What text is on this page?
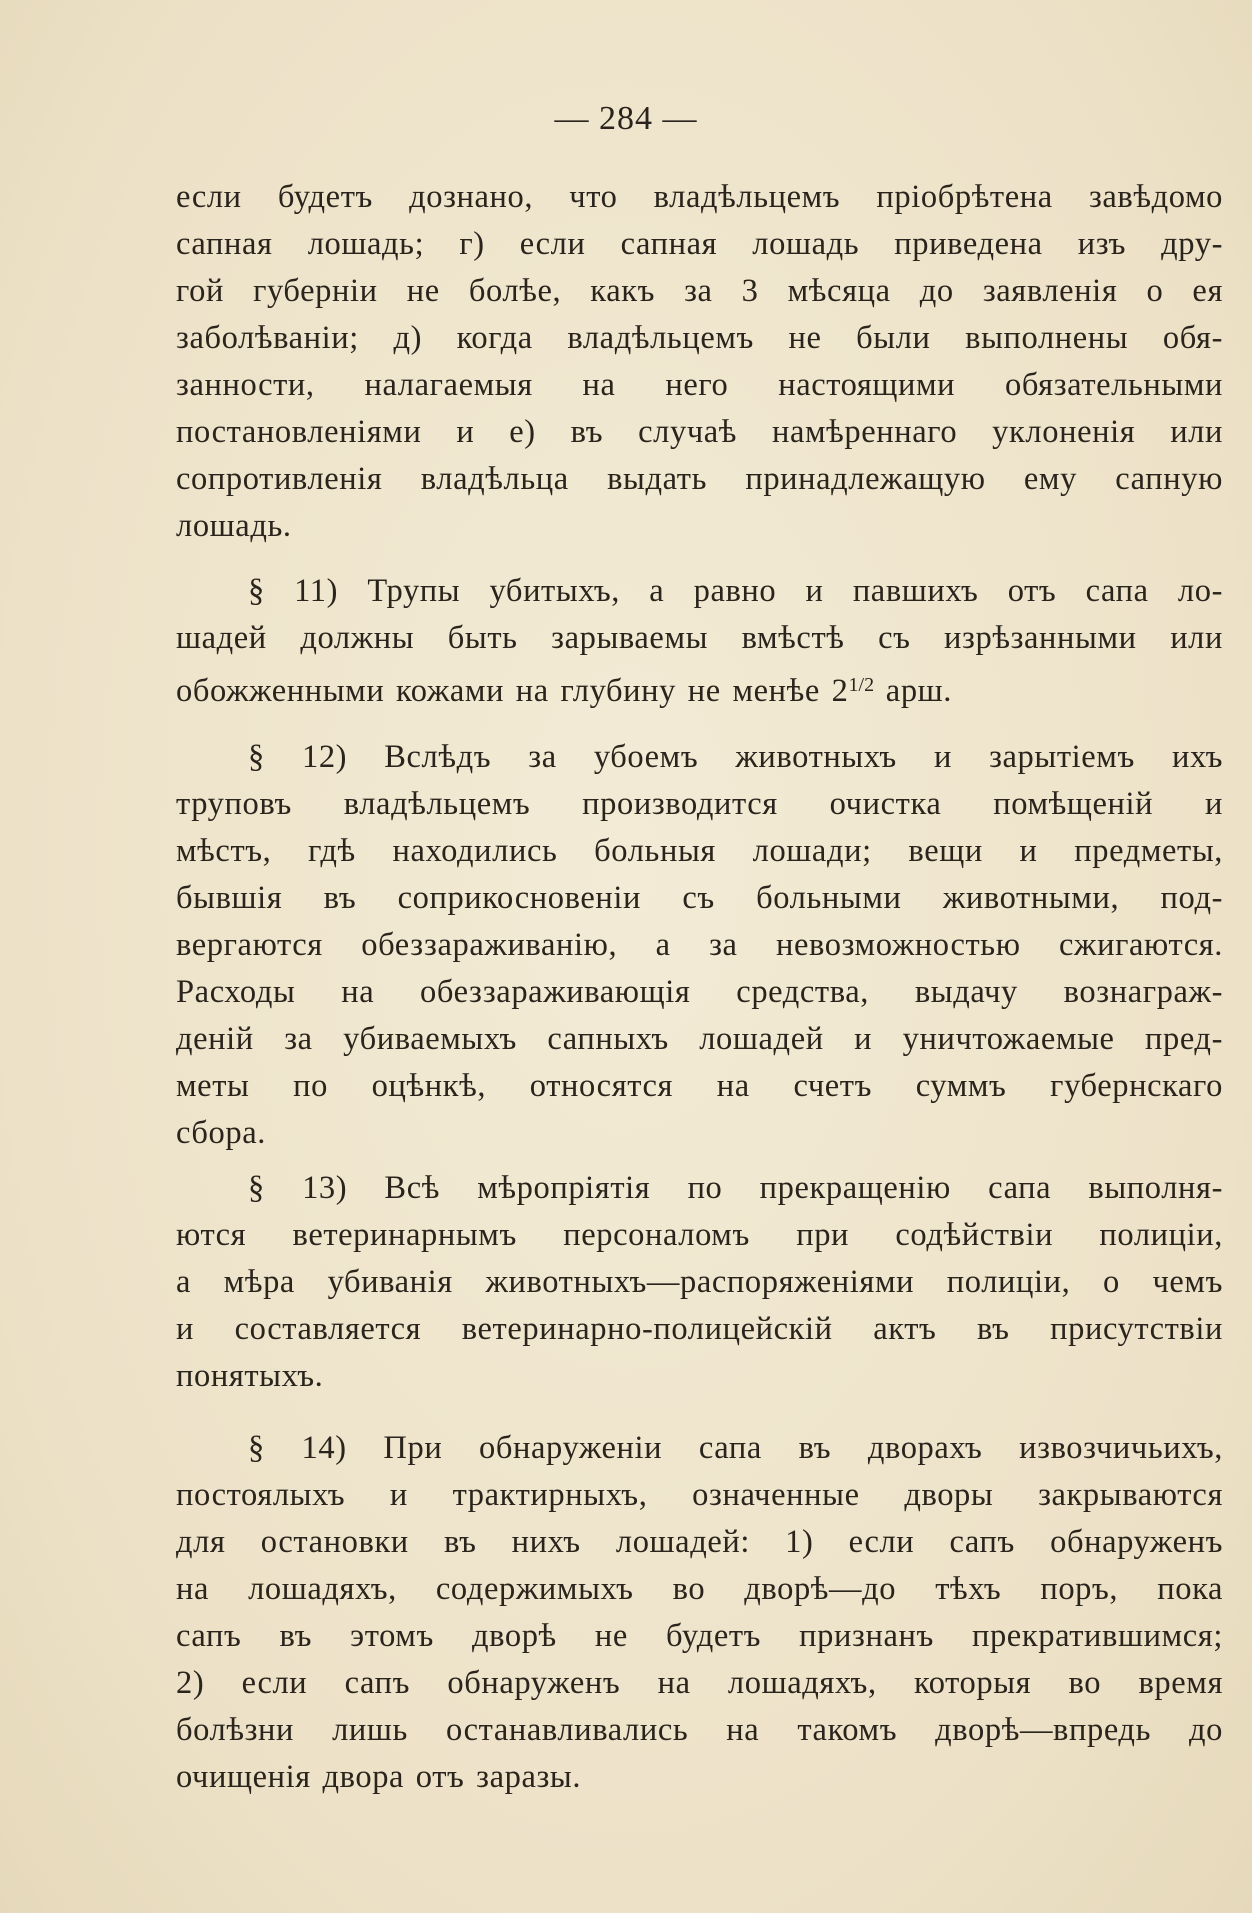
— 284 —
если будетъ дознано, что владѣльцемъ пріобрѣтена завѣдомо
сапная лошадь; г) если сапная лошадь приведена изъ дру-
гой губерніи не болѣе, какъ за 3 мѣсяца до заявленія о ея
заболѣваніи; д) когда владѣльцемъ не были выполнены обя-
занности, налагаемыя на него настоящими обязательными
постановленіями и е) въ случаѣ намѣреннаго уклоненія или
сопротивленія владѣльца выдать принадлежащую ему сапную
лошадь.
§ 11) Трупы убитыхъ, а равно и павшихъ отъ сапа ло-
шадей должны быть зарываемы вмѣстѣ съ изрѣзанными или
обожженными кожами на глубину не менѣе $2^{1/2}$ арш.
§ 12) Вслѣдъ за убоемъ животныхъ и зарытіемъ ихъ
труповъ владѣльцемъ производится очистка помѣщеній и
мѣстъ, гдѣ находились больныя лошади; вещи и предметы,
бывшія въ соприкосновеніи съ больными животными, под-
вергаются обеззараживанію, а за невозможностью сжигаются.
Расходы на обеззараживающія средства, выдачу вознаграж-
деній за убиваемыхъ сапныхъ лошадей и уничтожаемые пред-
меты по оцѣнкѣ, относятся на счетъ суммъ губернскаго
сбора.
§ 13) Всѣ мѣропріятія по прекращенію сапа выполня-
ются ветеринарнымъ персоналомъ при содѣйствіи полиціи,
а мѣра убиванія животныхъ—распоряженіями полиціи, о чемъ
и составляется ветеринарно-полицейскій актъ въ присутствіи
понятыхъ.
§ 14) При обнаруженіи сапа въ дворахъ извозчичьихъ,
постоялыхъ и трактирныхъ, означенные дворы закрываются
для остановки въ нихъ лошадей: 1) если сапъ обнаруженъ
на лошадяхъ, содержимыхъ во дворѣ—до тѣхъ поръ, пока
сапъ въ этомъ дворѣ не будетъ признанъ прекратившимся;
2) если сапъ обнаруженъ на лошадяхъ, которыя во время
болѣзни лишь останавливались на такомъ дворѣ—впредь до
очищенія двора отъ заразы.
